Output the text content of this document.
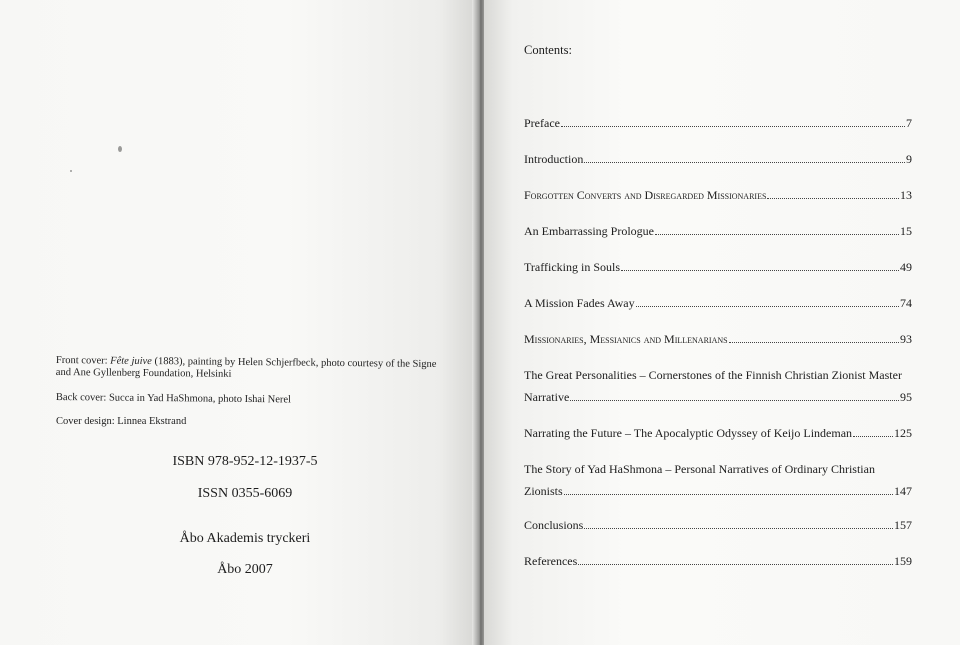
Front cover: Fête juive (1883), painting by Helen Schjerfbeck, photo courtesy of the Signe and Ane Gyllenberg Foundation, Helsinki
Back cover: Succa in Yad HaShmona, photo Ishai Nerel
Cover design: Linnea Ekstrand
ISBN 978-952-12-1937-5
ISSN 0355-6069
Åbo Akademis tryckeri
Åbo 2007
Contents:
Preface	7
Introduction	9
Forgotten Converts and Disregarded Missionaries	13
An Embarrassing Prologue	15
Trafficking in Souls	49
A Mission Fades Away	74
Missionaries, Messianics and Millenarians	93
The Great Personalities – Cornerstones of the Finnish Christian Zionist Master
Narrative	95
Narrating the Future – The Apocalyptic Odyssey of Keijo Lindeman	125
The Story of Yad HaShmona – Personal Narratives of Ordinary Christian
Zionists	147
Conclusions	157
References	159
